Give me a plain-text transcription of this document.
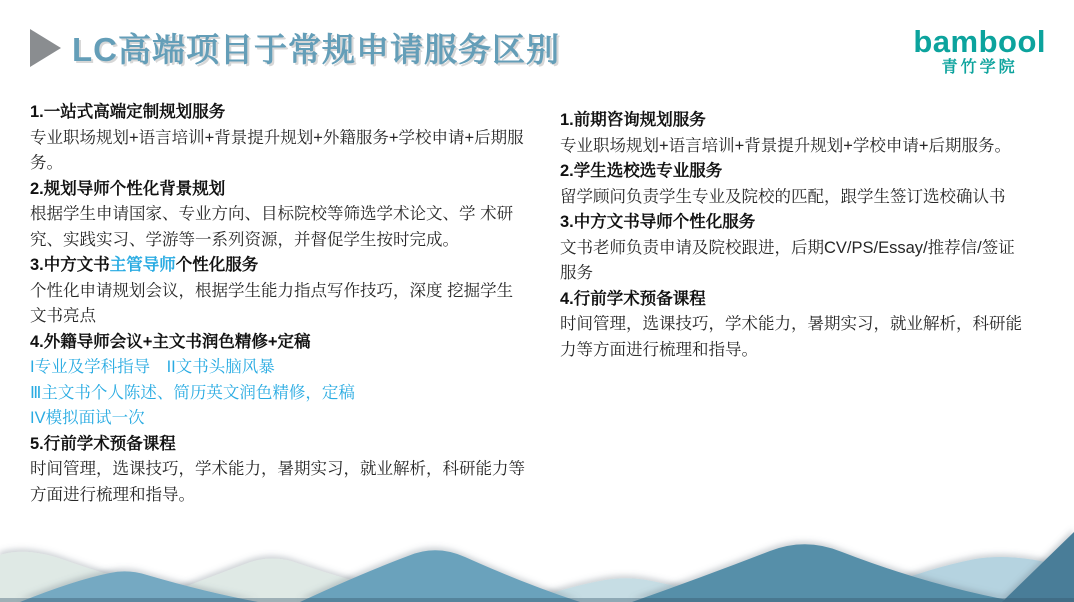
LC高端项目于常规申请服务区别	bambool
青竹学院
1.一站式高端定制规划服务

专业职场规划+语言培训+背景提升规划+外籍服务+学校申请+后期服务。

2.规划导师个性化背景规划

根据学生申请国家、专业方向、目标院校等筛选学术论文、学 术研究、实践实习、学游等一系列资源，并督促学生按时完成。

3.中方文书主管导师个性化服务

个性化申请规划会议，根据学生能力指点写作技巧，深度 挖掘学生文书亮点

4.外籍导师会议+主文书润色精修+定稿

I专业及学科指导　II文书头脑风暴

Ⅲ主文书个人陈述、简历英文润色精修，定稿

IV模拟面试一次

5.行前学术预备课程

时间管理，选课技巧，学术能力，暑期实习，就业解析，科研能力等方面进行梳理和指导。

1.前期咨询规划服务

专业职场规划+语言培训+背景提升规划+学校申请+后期服务。

2.学生选校选专业服务

留学顾问负责学生专业及院校的匹配，跟学生签订选校确认书

3.中方文书导师个性化服务

文书老师负责申请及院校跟进，后期CV/PS/Essay/推荐信/签证服务

4.行前学术预备课程

时间管理，选课技巧，学术能力，暑期实习，就业解析，科研能力等方面进行梳理和指导。
